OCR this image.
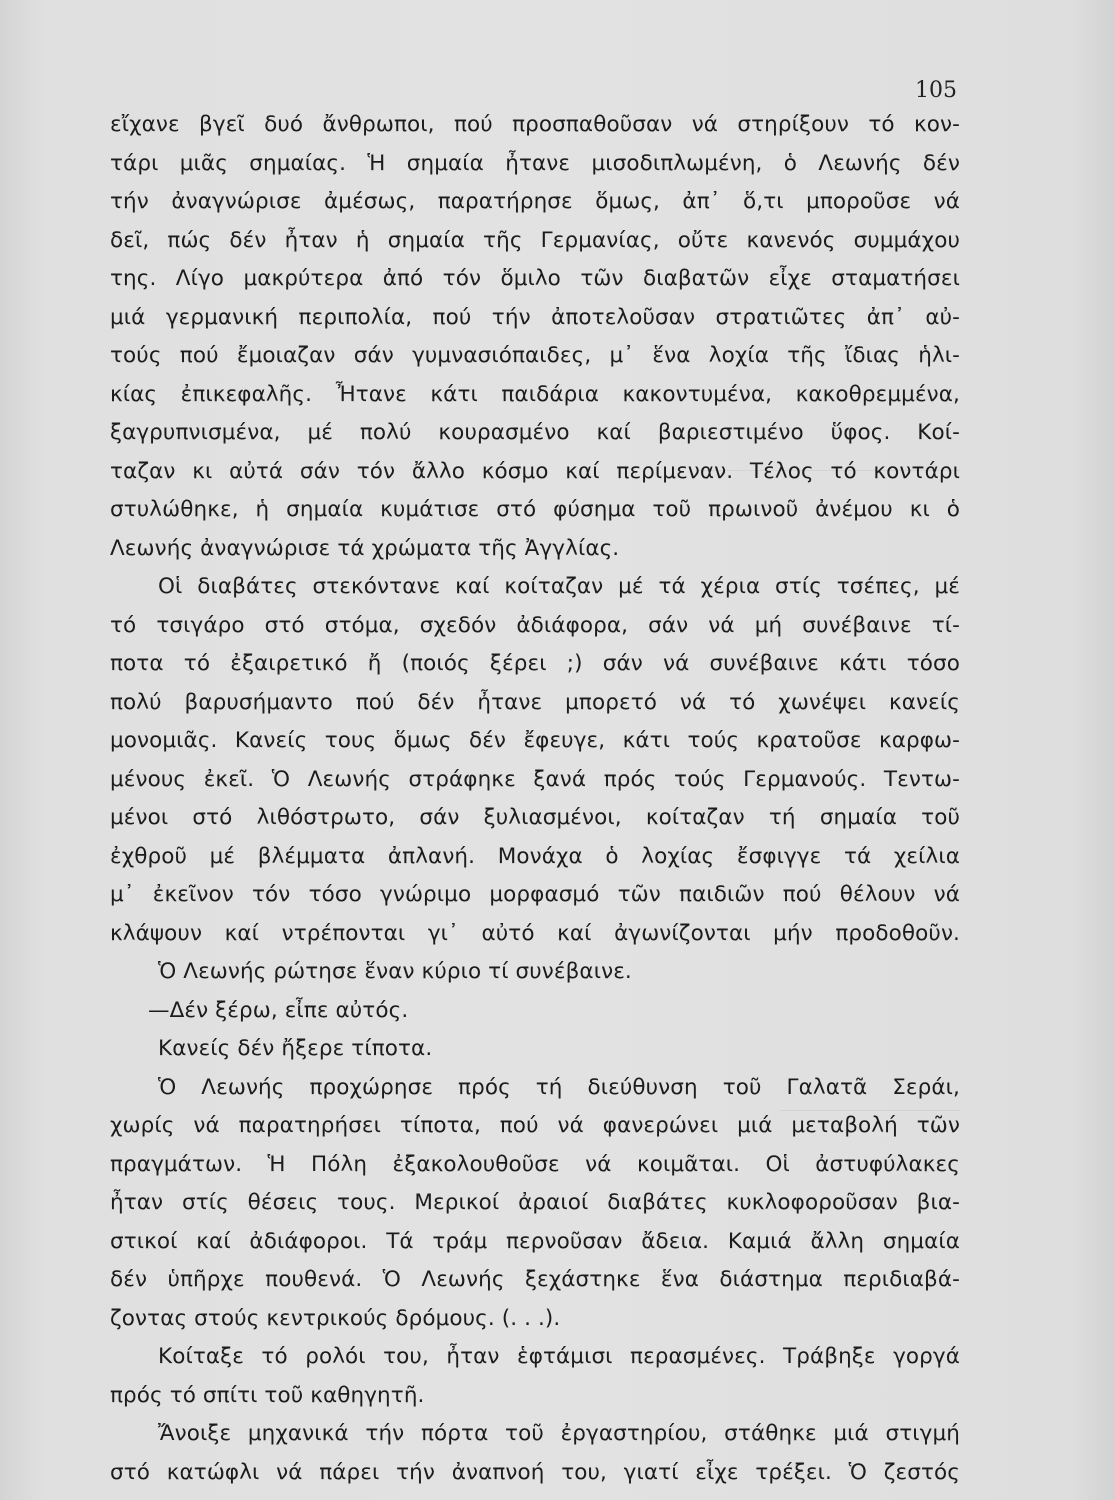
105
εἴχανε βγεῖ δυό ἄνθρωποι, πού προσπαθοῦσαν νά στηρίξουν τό κον-
τάρι μιᾶς σημαίας. Ἡ σημαία ἦτανε μισοδιπλωμένη, ὁ Λεωνής δέν
τήν ἀναγνώρισε ἀμέσως, παρατήρησε ὅμως, ἀπ᾿ ὅ,τι μποροῦσε νά
δεῖ, πώς δέν ἦταν ἡ σημαία τῆς Γερμανίας, οὔτε κανενός συμμάχου
της. Λίγο μακρύτερα ἀπό τόν ὅμιλο τῶν διαβατῶν εἶχε σταματήσει
μιά γερμανική περιπολία, πού τήν ἀποτελοῦσαν στρατιῶτες ἀπ᾿ αὐ-
τούς πού ἔμοιαζαν σάν γυμνασιόπαιδες, μ᾿ ἕνα λοχία τῆς ἴδιας ἡλι-
κίας ἐπικεφαλῆς. Ἦτανε κάτι παιδάρια κακοντυμένα, κακοθρεμμένα,
ξαγρυπνισμένα, μέ πολύ κουρασμένο καί βαριεστιμένο ὕφος. Κοί-
ταζαν κι αὐτά σάν τόν ἄλλο κόσμο καί περίμεναν. Τέλος τό κοντάρι
στυλώθηκε, ἡ σημαία κυμάτισε στό φύσημα τοῦ πρωινοῦ ἀνέμου κι ὁ
Λεωνής ἀναγνώρισε τά χρώματα τῆς Ἀγγλίας.
Οἱ διαβάτες στεκόντανε καί κοίταζαν μέ τά χέρια στίς τσέπες, μέ
τό τσιγάρο στό στόμα, σχεδόν ἀδιάφορα, σάν νά μή συνέβαινε τί-
ποτα τό ἐξαιρετικό ἤ (ποιός ξέρει ;) σάν νά συνέβαινε κάτι τόσο
πολύ βαρυσήμαντο πού δέν ἦτανε μπορετό νά τό χωνέψει κανείς
μονομιᾶς. Κανείς τους ὅμως δέν ἔφευγε, κάτι τούς κρατοῦσε καρφω-
μένους ἐκεῖ. Ὁ Λεωνής στράφηκε ξανά πρός τούς Γερμανούς. Τεντω-
μένοι στό λιθόστρωτο, σάν ξυλιασμένοι, κοίταζαν τή σημαία τοῦ
ἐχθροῦ μέ βλέμματα ἀπλανή. Μονάχα ὁ λοχίας ἔσφιγγε τά χείλια
μ᾿ ἐκεῖνον τόν τόσο γνώριμο μορφασμό τῶν παιδιῶν πού θέλουν νά
κλάψουν καί ντρέπονται γι᾿ αὐτό καί ἀγωνίζονται μήν προδοθοῦν.
Ὁ Λεωνής ρώτησε ἕναν κύριο τί συνέβαινε.
—Δέν ξέρω, εἶπε αὐτός.
Κανείς δέν ἤξερε τίποτα.
Ὁ Λεωνής προχώρησε πρός τή διεύθυνση τοῦ Γαλατᾶ Σεράι,
χωρίς νά παρατηρήσει τίποτα, πού νά φανερώνει μιά μεταβολή τῶν
πραγμάτων. Ἡ Πόλη ἐξακολουθοῦσε νά κοιμᾶται. Οἱ ἀστυφύλακες
ἦταν στίς θέσεις τους. Μερικοί ἀραιοί διαβάτες κυκλοφοροῦσαν βια-
στικοί καί ἀδιάφοροι. Τά τράμ περνοῦσαν ἄδεια. Καμιά ἄλλη σημαία
δέν ὑπῆρχε πουθενά. Ὁ Λεωνής ξεχάστηκε ἕνα διάστημα περιδιαβά-
ζοντας στούς κεντρικούς δρόμους. (. . .).
Κοίταξε τό ρολόι του, ἦταν ἑφτάμισι περασμένες. Τράβηξε γοργά
πρός τό σπίτι τοῦ καθηγητῆ.
Ἄνοιξε μηχανικά τήν πόρτα τοῦ ἐργαστηρίου, στάθηκε μιά στιγμή
στό κατώφλι νά πάρει τήν ἀναπνοή του, γιατί εἶχε τρέξει. Ὁ ζεστός
